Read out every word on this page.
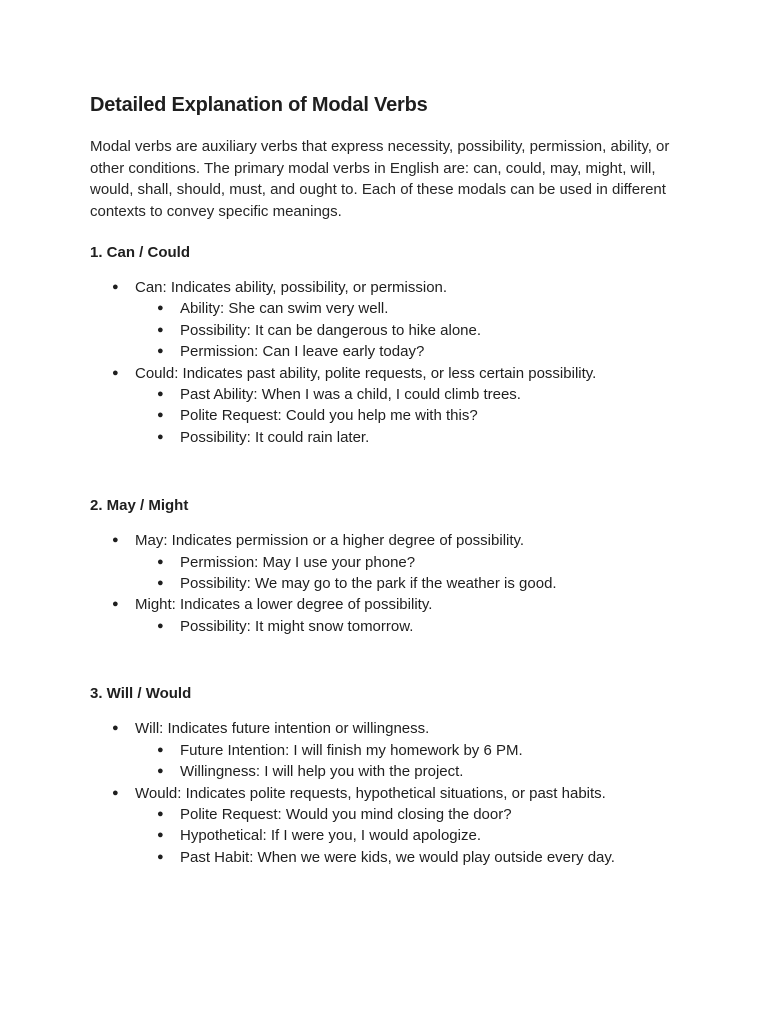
Detailed Explanation of Modal Verbs

Modal verbs are auxiliary verbs that express necessity, possibility, permission, ability, or other conditions. The primary modal verbs in English are: can, could, may, might, will, would, shall, should, must, and ought to. Each of these modals can be used in different contexts to convey specific meanings.

1. Can / Could
● Can: Indicates ability, possibility, or permission.
● Ability: She can swim very well.
● Possibility: It can be dangerous to hike alone.
● Permission: Can I leave early today?
● Could: Indicates past ability, polite requests, or less certain possibility.
● Past Ability: When I was a child, I could climb trees.
● Polite Request: Could you help me with this?
● Possibility: It could rain later.
2. May / Might
● May: Indicates permission or a higher degree of possibility.
● Permission: May I use your phone?
● Possibility: We may go to the park if the weather is good.
● Might: Indicates a lower degree of possibility.
● Possibility: It might snow tomorrow.
3. Will / Would
● Will: Indicates future intention or willingness.
● Future Intention: I will finish my homework by 6 PM.
● Willingness: I will help you with the project.
● Would: Indicates polite requests, hypothetical situations, or past habits.
● Polite Request: Would you mind closing the door?
● Hypothetical: If I were you, I would apologize.
● Past Habit: When we were kids, we would play outside every day.
